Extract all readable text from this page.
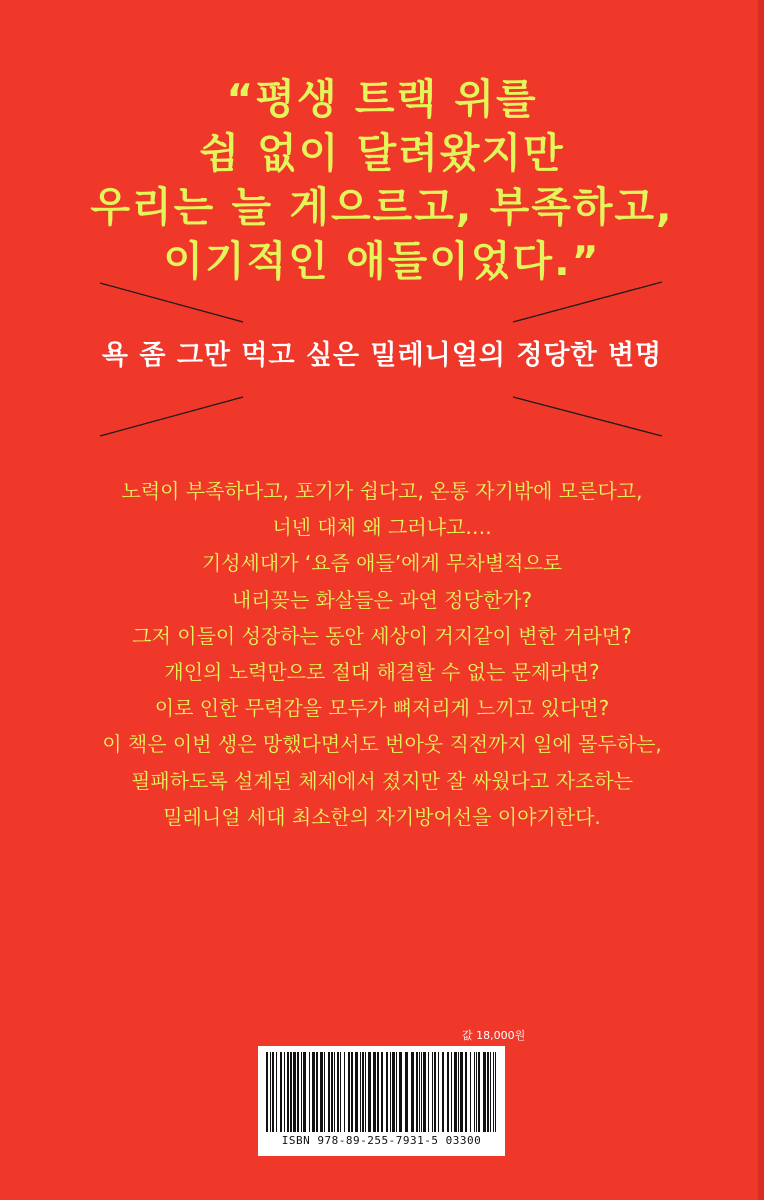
“평생 트랙 위를
쉼 없이 달려왔지만
우리는 늘 게으르고, 부족하고,
이기적인 애들이었다.”
욕 좀 그만 먹고 싶은 밀레니얼의 정당한 변명
노력이 부족하다고, 포기가 쉽다고, 온통 자기밖에 모른다고,
너넨 대체 왜 그러냐고….
기성세대가 ‘요즘 애들’에게 무차별적으로
내리꽂는 화살들은 과연 정당한가?
그저 이들이 성장하는 동안 세상이 거지같이 변한 거라면?
개인의 노력만으로 절대 해결할 수 없는 문제라면?
이로 인한 무력감을 모두가 뼈저리게 느끼고 있다면?
이 책은 이번 생은 망했다면서도 번아웃 직전까지 일에 몰두하는,
필패하도록 설계된 체제에서 졌지만 잘 싸웠다고 자조하는
밀레니얼 세대 최소한의 자기방어선을 이야기한다.
값 18,000원
ISBN 978-89-255-7931-5 03300
